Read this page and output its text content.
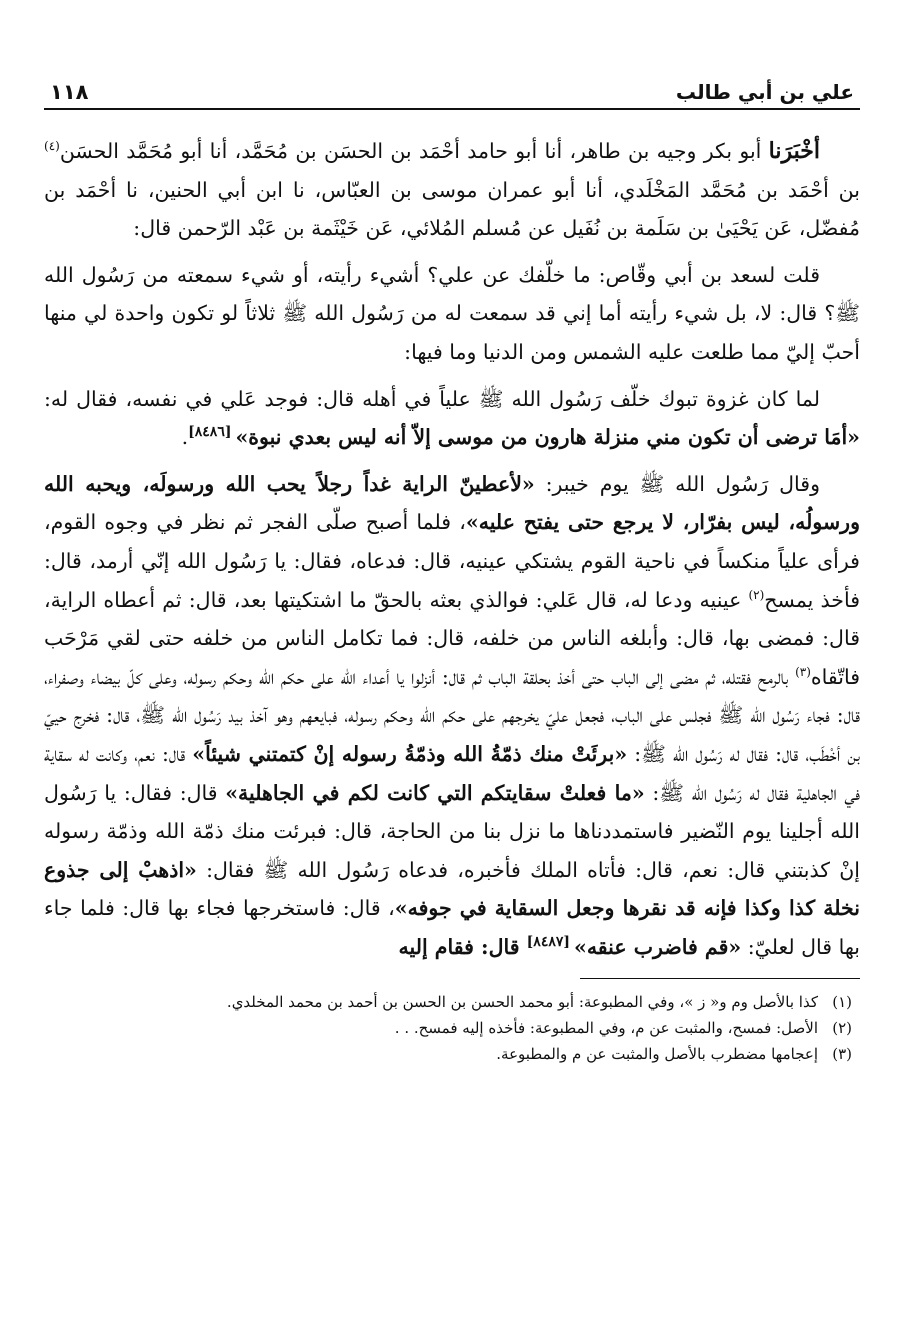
علي بن أبي طالب
١١٨

أخْبَرَنا أبو بكر وجيه بن طاهر، أنا أبو حامد أحْمَد بن الحسَن بن مُحَمَّد، أنا أبو مُحَمَّد الحسَن$^{(٤)}$ بن أحْمَد بن مُحَمَّد المَخْلَدي، أنا أبو عمران موسى بن العبّاس، نا ابن أبي الحنين، نا أحْمَد بن مُفضّل، عَن يَحْيَىٰ بن سَلَمة بن نُفَيل عن مُسلم المُلائي، عَن خَيْثَمة بن عَبْد الرّحمن قال:

قلت لسعد بن أبي وقّاص: ما خلّفك عن علي؟ أشيء رأيته، أو شيء سمعته من رَسُول الله ﷺ؟ قال: لا، بل شيء رأيته أما إني قد سمعت له من رَسُول الله ﷺ ثلاثاً لو تكون واحدة لي منها أحبّ إليّ مما طلعت عليه الشمس ومن الدنيا وما فيها:

لما كان غزوة تبوك خلّف رَسُول الله ﷺ علياً في أهله قال: فوجد عَلي في نفسه، فقال له: «أمَا ترضى أن تكون مني منزلة هارون من موسى إلاّ أنه ليس بعدي نبوة»[٨٤٨٦].

وقال رَسُول الله ﷺ يوم خيبر: «لأعطينّ الراية غداً رجلاً يحب الله ورسولَه، ويحبه الله ورسولُه، ليس بفرّار، لا يرجع حتى يفتح عليه»، فلما أصبح صلّى الفجر ثم نظر في وجوه القوم، فرأى علياً منكساً في ناحية القوم يشتكي عينيه، قال: فدعاه، فقال: يا رَسُول الله إنّي أرمد، قال: فأخذ يمسح$^{(٢)}$ عينيه ودعا له، قال عَلي: فوالذي بعثه بالحقّ ما اشتكيتها بعد، قال: ثم أعطاه الراية، قال: فمضى بها، قال: وأبلغه الناس من خلفه، قال: فما تكامل الناس من خلفه حتى لقي مَرْحَب فاتّقاه$^{(٣)}$ بالرمح فقتله، ثم مضى إلى الباب حتى أخذ بحلقة الباب ثم قال: أنزلوا يا أعداء الله على حكم الله وحكم رسوله، وعلى كلّ بيضاء وصفراء، قال: فجاء رَسُول الله ﷺ فجلس على الباب، فجعل عليّ يخرجهم على حكم الله وحكم رسوله، فبايعهم وهو آخذ بيد رَسُول الله ﷺ، قال: فخرج حييّ بن أخْطَب، قال: فقال له رَسُول الله ﷺ: «برئَتْ منك ذمّةُ الله وذمّةُ رسوله إنْ كتمتني شيئاً» قال: نعم، وكانت له سقاية في الجاهلية فقال له رَسُول الله ﷺ: «ما فعلتْ سقايتكم التي كانت لكم في الجاهلية» قال: فقال: يا رَسُول الله أجلينا يوم النّضير فاستمددناها ما نزل بنا من الحاجة، قال: فبرئت منك ذمّة الله وذمّة رسوله إنْ كذبتني قال: نعم، قال: فأتاه الملك فأخبره، فدعاه رَسُول الله ﷺ فقال: «اذهبْ إلى جذوع نخلة كذا وكذا فإنه قد نقرها وجعل السقاية في جوفه»، قال: فاستخرجها فجاء بها قال: فلما جاء بها قال لعليّ: «قم فاضرب عنقه»[٨٤٨٧] قال: فقام إليه

(١)كذا بالأصل وم و« ز »، وفي المطبوعة: أبو محمد الحسن بن الحسن بن أحمد بن محمد المخلدي.

(٢)الأصل: فمسح، والمثبت عن م، وفي المطبوعة: فأخذه إليه فمسح. . .

(٣)إعجامها مضطرب بالأصل والمثبت عن م والمطبوعة.
